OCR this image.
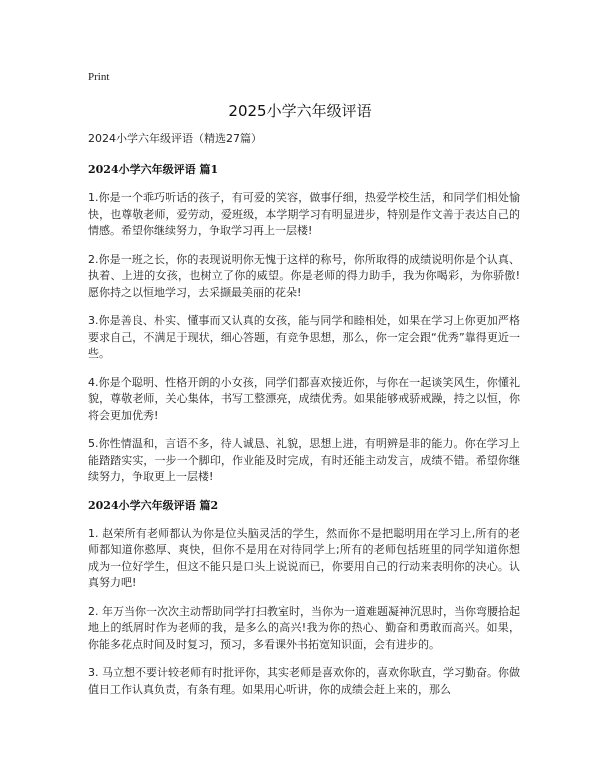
Print
2025小学六年级评语
2024小学六年级评语（精选27篇）
2024小学六年级评语 篇1

1.你是一个乖巧听话的孩子，有可爱的笑容，做事仔细，热爱学校生活，和同学们相处愉快，也尊敬老师，爱劳动，爱班级，本学期学习有明显进步，特别是作文善于表达自己的情感。希望你继续努力，争取学习再上一层楼!

2.你是一班之长，你的表现说明你无愧于这样的称号，你所取得的成绩说明你是个认真、执着、上进的女孩，也树立了你的威望。你是老师的得力助手，我为你喝彩，为你骄傲!愿你持之以恒地学习，去采撷最美丽的花朵!

3.你是善良、朴实、懂事而又认真的女孩，能与同学和睦相处，如果在学习上你更加严格要求自己，不满足于现状，细心答题，有竞争思想，那么，你一定会跟“优秀”靠得更近一些。

4.你是个聪明、性格开朗的小女孩，同学们都喜欢接近你，与你在一起谈笑风生，你懂礼貌，尊敬老师，关心集体，书写工整漂亮，成绩优秀。如果能够戒骄戒躁，持之以恒，你将会更加优秀!

5.你性情温和，言语不多，待人诚恳、礼貌，思想上进，有明辨是非的能力。你在学习上能踏踏实实，一步一个脚印，作业能及时完成，有时还能主动发言，成绩不错。希望你继续努力，争取更上一层楼!

2024小学六年级评语 篇2

1. 赵荣所有老师都认为你是位头脑灵活的学生，然而你不是把聪明用在学习上,所有的老师都知道你憨厚、爽快，但你不是用在对待同学上;所有的老师包括班里的同学知道你想成为一位好学生，但这不能只是口头上说说而已，你要用自己的行动来表明你的决心。认真努力吧!

2. 年万当你一次次主动帮助同学打扫教室时，当你为一道难题凝神沉思时，当你弯腰拾起地上的纸屑时作为老师的我，是多么的高兴!我为你的热心、勤奋和勇敢而高兴。如果，你能多花点时间及时复习，预习，多看课外书拓宽知识面，会有进步的。

3. 马立想不要计较老师有时批评你，其实老师是喜欢你的，喜欢你耿直，学习勤奋。你做值日工作认真负责，有条有理。如果用心听讲，你的成绩会赶上来的，那么
